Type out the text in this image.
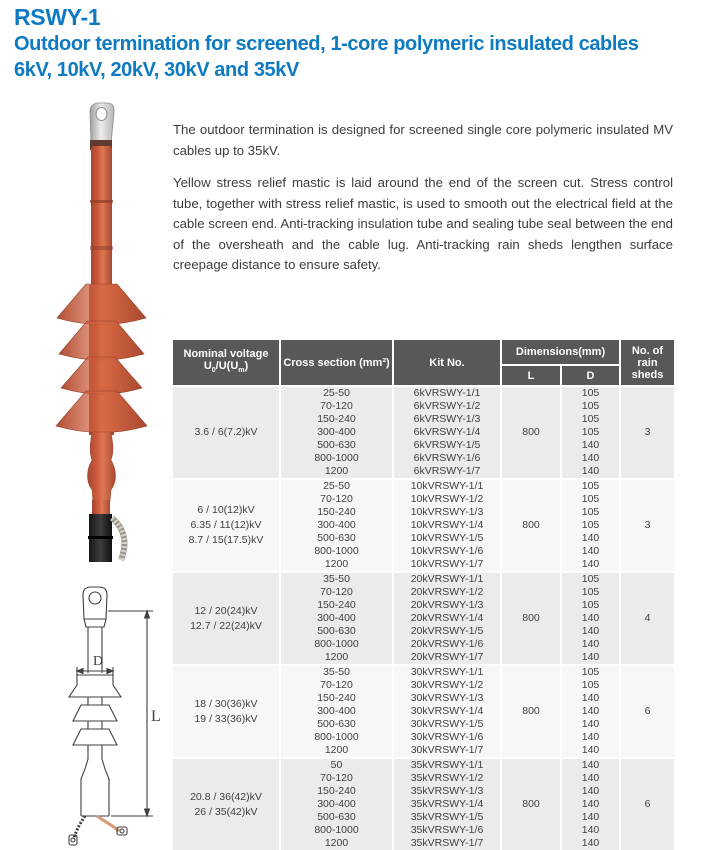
RSWY-1
Outdoor termination for screened, 1-core polymeric insulated cables
6kV, 10kV, 20kV, 30kV and 35kV
D
L

The outdoor termination is designed for screened single core polymeric insulated MV cables up to 35kV.

Yellow stress relief mastic is laid around the end of the screen cut. Stress control tube, together with stress relief mastic, is used to smooth out the electrical field at the cable screen end. Anti-tracking insulation tube and sealing tube seal between the end of the oversheath and the cable lug. Anti-tracking rain sheds lengthen surface creepage distance to ensure safety.

Nominal voltage
$U_0/U(U_m)$	Cross section (mm²)	Kit No.	Dimensions(mm)	No. of
rain sheds

			L	D	

3.6 / 6(7.2)kV	25-50	6kVRSWY-1/1	800	105	3
	70-120	6kVRSWY-1/2		105	
	150-240	6kVRSWY-1/3		105	
	300-400	6kVRSWY-1/4		105	
	500-630	6kVRSWY-1/5		140	
	800-1000	6kVRSWY-1/6		140	
	1200	6kVRSWY-1/7		140	

6 / 10(12)kV
6.35 / 11(12)kV
8.7 / 15(17.5)kV	25-50	10kVRSWY-1/1	800	105	3
	70-120	10kVRSWY-1/2		105	
	150-240	10kVRSWY-1/3		105	
	300-400	10kVRSWY-1/4		105	
	500-630	10kVRSWY-1/5		140	
	800-1000	10kVRSWY-1/6		140	
	1200	10kVRSWY-1/7		140	

12 / 20(24)kV
12.7 / 22(24)kV	35-50	20kVRSWY-1/1	800	105	4
	70-120	20kVRSWY-1/2		105	
	150-240	20kVRSWY-1/3		105	
	300-400	20kVRSWY-1/4		140	
	500-630	20kVRSWY-1/5		140	
	800-1000	20kVRSWY-1/6		140	
	1200	20kVRSWY-1/7		140	

18 / 30(36)kV
19 / 33(36)kV	35-50	30kVRSWY-1/1	800	105	6
	70-120	30kVRSWY-1/2		105	
	150-240	30kVRSWY-1/3		140	
	300-400	30kVRSWY-1/4		140	
	500-630	30kVRSWY-1/5		140	
	800-1000	30kVRSWY-1/6		140	
	1200	30kVRSWY-1/7		140	

20.8 / 36(42)kV
26 / 35(42)kV	50	35kVRSWY-1/1	800	140	6
	70-120	35kVRSWY-1/2		140	
	150-240	35kVRSWY-1/3		140	
	300-400	35kVRSWY-1/4		140	
	500-630	35kVRSWY-1/5		140	
	800-1000	35kVRSWY-1/6		140	
	1200	35kVRSWY-1/7		140	
